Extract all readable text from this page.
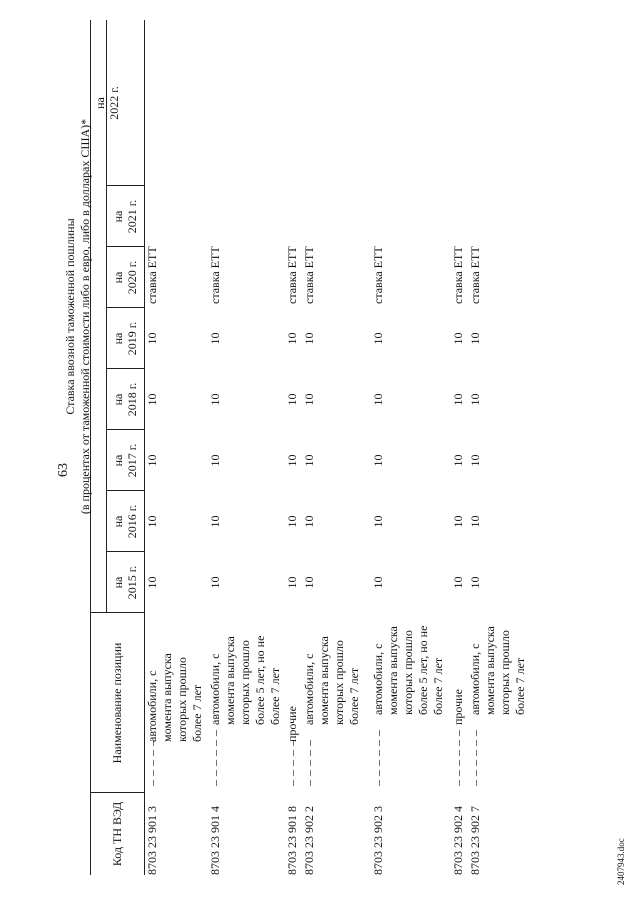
63
Код ТН ВЭД
Наименование позиции
Ставка ввозной таможенной пошлины (в процентах от таможенной стоимости либо в евро, либо в долларах США)*
на 2015 г.
на 2016 г.
на 2017 г.
на 2018 г.
на 2019 г.
на 2020 г.
на 2021 г.
на 2022 г.
8703 23 901 3
– – – – –
автомобили, с момента выпуска которых прошло более 7 лет
10
10
10
10
10
ставка ЕТТ
8703 23 901 4
– – – – – –
автомобили, с момента выпуска которых прошло более 5 лет, но не более 7 лет
10
10
10
10
10
ставка ЕТТ
8703 23 901 8
– – – – –
прочие
10
10
10
10
10
ставка ЕТТ
8703 23 902 2
– – – – –
автомобили, с момента выпуска которых прошло более 7 лет
10
10
10
10
10
ставка ЕТТ
8703 23 902 3
– – – – – –
автомобили, с момента выпуска которых прошло более 5 лет, но не более 7 лет
10
10
10
10
10
ставка ЕТТ
8703 23 902 4
– – – – – –
прочие
10
10
10
10
10
ставка ЕТТ
8703 23 902 7
– – – – – –
автомобили, с момента выпуска которых прошло более 7 лет
10
10
10
10
10
ставка ЕТТ
2407943.doc
